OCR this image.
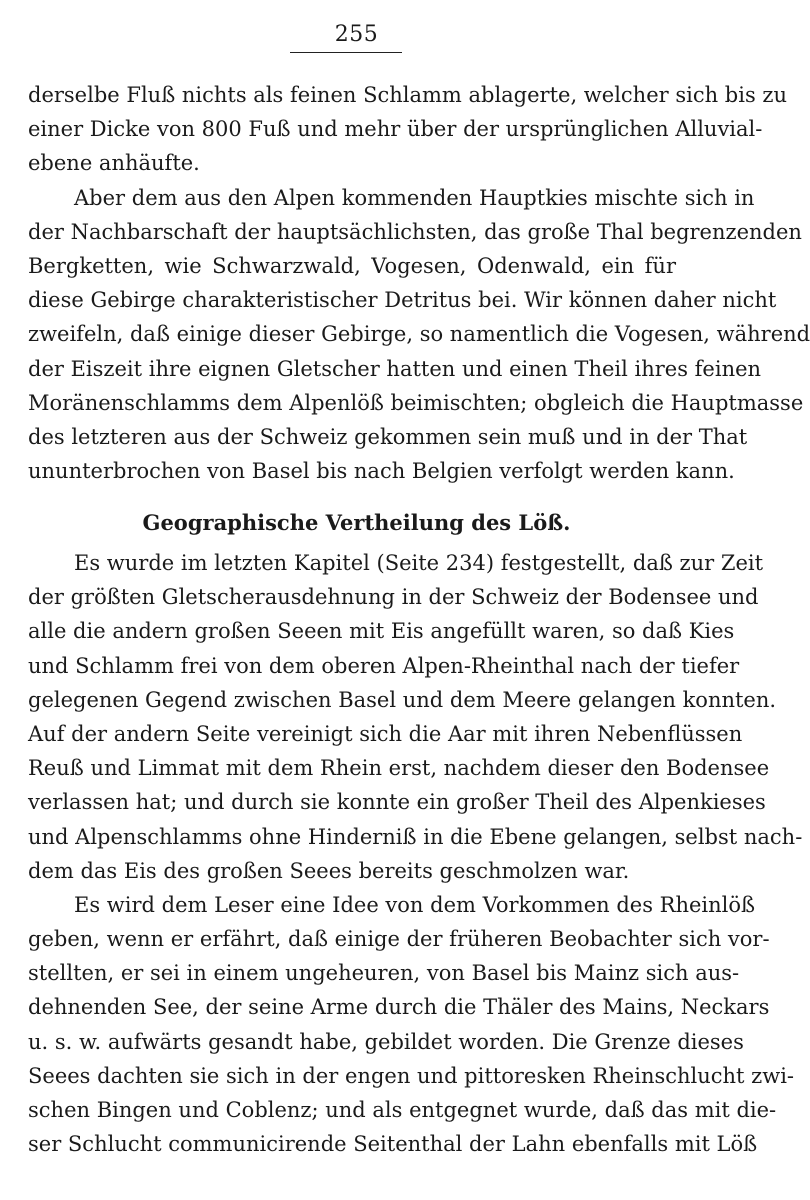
255
derselbe Fluß nichts als feinen Schlamm ablagerte, welcher sich bis zu
einer Dicke von 800 Fuß und mehr über der ursprünglichen Alluvial-
ebene anhäufte.
Aber dem aus den Alpen kommenden Hauptkies mischte sich in
der Nachbarschaft der hauptsächlichsten, das große Thal begrenzenden
Bergketten, wie Schwarzwald, Vogesen, Odenwald, ein für
diese Gebirge charakteristischer Detritus bei. Wir können daher nicht
zweifeln, daß einige dieser Gebirge, so namentlich die Vogesen, während
der Eiszeit ihre eignen Gletscher hatten und einen Theil ihres feinen
Moränenschlamms dem Alpenlöß beimischten; obgleich die Hauptmasse
des letzteren aus der Schweiz gekommen sein muß und in der That
ununterbrochen von Basel bis nach Belgien verfolgt werden kann.
Geographische Vertheilung des Löß.
Es wurde im letzten Kapitel (Seite 234) festgestellt, daß zur Zeit
der größten Gletscherausdehnung in der Schweiz der Bodensee und
alle die andern großen Seeen mit Eis angefüllt waren, so daß Kies
und Schlamm frei von dem oberen Alpen-Rheinthal nach der tiefer
gelegenen Gegend zwischen Basel und dem Meere gelangen konnten.
Auf der andern Seite vereinigt sich die Aar mit ihren Nebenflüssen
Reuß und Limmat mit dem Rhein erst, nachdem dieser den Bodensee
verlassen hat; und durch sie konnte ein großer Theil des Alpenkieses
und Alpenschlamms ohne Hinderniß in die Ebene gelangen, selbst nach-
dem das Eis des großen Seees bereits geschmolzen war.
Es wird dem Leser eine Idee von dem Vorkommen des Rheinlöß
geben, wenn er erfährt, daß einige der früheren Beobachter sich vor-
stellten, er sei in einem ungeheuren, von Basel bis Mainz sich aus-
dehnenden See, der seine Arme durch die Thäler des Mains, Neckars
u. s. w. aufwärts gesandt habe, gebildet worden. Die Grenze dieses
Seees dachten sie sich in der engen und pittoresken Rheinschlucht zwi-
schen Bingen und Coblenz; und als entgegnet wurde, daß das mit die-
ser Schlucht communicirende Seitenthal der Lahn ebenfalls mit Löß
